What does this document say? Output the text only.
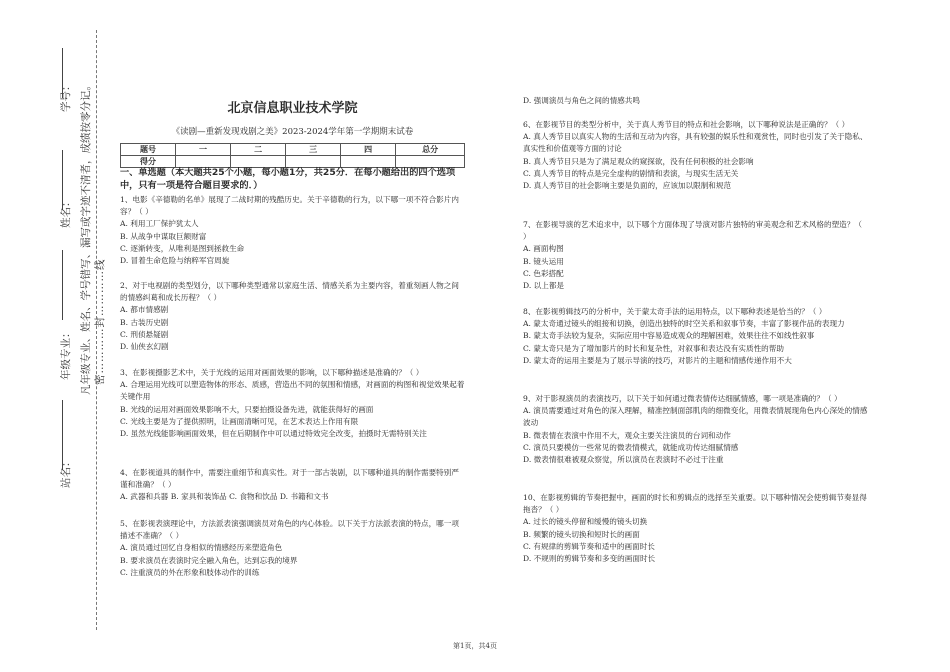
学号：
姓名：
年级专业：
站名：
凡年级专业、姓名、学号错写、漏写或字迹不清者，成绩按零分记。 密…………封…………线
北京信息职业技术学院
《读剧—重新发现戏剧之美》2023-2024学年第一学期期末试卷
题号	一	二	三	四	总分
得分					
一、单选题（本大题共25个小题，每小题1分，共25分．在每小题给出的四个选项中，只有一项是符合题目要求的．）

1、电影《辛德勒的名单》展现了二战时期的残酷历史。关于辛德勒的行为，以下哪一项不符合影片内容？（ ）

A. 利用工厂保护犹太人

B. 从战争中谋取巨额财富

C. 逐渐转变，从唯利是图到拯救生命

D. 冒着生命危险与纳粹军官周旋

2、对于电视剧的类型划分，以下哪种类型通常以家庭生活、情感关系为主要内容，着重刻画人物之间的情感纠葛和成长历程？（ ）

A. 都市情感剧

B. 古装历史剧

C. 刑侦悬疑剧

D. 仙侠玄幻剧

3、在影视摄影艺术中，关于光线的运用对画面效果的影响，以下哪种描述是准确的？（ ）

A. 合理运用光线可以塑造物体的形态、质感，营造出不同的氛围和情感，对画面的构图和视觉效果起着关键作用

B. 光线的运用对画面效果影响不大，只要拍摄设备先进，就能获得好的画面

C. 光线主要是为了提供照明，让画面清晰可见，在艺术表达上作用有限

D. 虽然光线能影响画面效果，但在后期制作中可以通过特效完全改变，拍摄时无需特别关注

4、在影视道具的制作中，需要注重细节和真实性。对于一部古装剧，以下哪种道具的制作需要特别严谨和准确？（ ）

A. 武器和兵器 B. 家具和装饰品 C. 食物和饮品 D. 书籍和文书

5、在影视表演理论中，方法派表演强调演员对角色的内心体验。以下关于方法派表演的特点，哪一项描述不准确？（ ）

A. 演员通过回忆自身相似的情感经历来塑造角色

B. 要求演员在表演时完全融入角色，达到忘我的境界

C. 注重演员的外在形象和肢体动作的训练

D. 强调演员与角色之间的情感共鸣

6、在影视节目的类型分析中，关于真人秀节目的特点和社会影响，以下哪种说法是正确的？（ ）

A. 真人秀节目以真实人物的生活和互动为内容，具有较强的娱乐性和观赏性，同时也引发了关于隐私、真实性和价值观等方面的讨论

B. 真人秀节目只是为了满足观众的窥探欲，没有任何积极的社会影响

C. 真人秀节目的特点是完全虚构的剧情和表演，与现实生活无关

D. 真人秀节目的社会影响主要是负面的，应该加以限制和规范

7、在影视导演的艺术追求中，以下哪个方面体现了导演对影片独特的审美观念和艺术风格的塑造？（ ）

A. 画面构图

B. 镜头运用

C. 色彩搭配

D. 以上都是

8、在影视剪辑技巧的分析中，关于蒙太奇手法的运用特点，以下哪种表述是恰当的？（ ）

A. 蒙太奇通过镜头的组接和切换，创造出独特的时空关系和叙事节奏，丰富了影视作品的表现力

B. 蒙太奇手法较为复杂，实际应用中容易造成观众的理解困难，效果往往不如线性叙事

C. 蒙太奇只是为了增加影片的时长和复杂性，对叙事和表达没有实质性的帮助

D. 蒙太奇的运用主要是为了展示导演的技巧，对影片的主题和情感传递作用不大

9、对于影视演员的表演技巧，以下关于如何通过微表情传达细腻情感，哪一项是准确的？（ ）

A. 演员需要通过对角色的深入理解，精准控制面部肌肉的细微变化，用微表情展现角色内心深处的情感波动

B. 微表情在表演中作用不大，观众主要关注演员的台词和动作

C. 演员只要模仿一些常见的微表情模式，就能成功传达细腻情感

D. 微表情很难被观众察觉，所以演员在表演时不必过于注重

10、在影视剪辑的节奏把握中，画面的时长和剪辑点的选择至关重要。以下哪种情况会使剪辑节奏显得拖沓？（ ）

A. 过长的镜头停留和缓慢的镜头切换

B. 频繁的镜头切换和短时长的画面

C. 有规律的剪辑节奏和适中的画面时长

D. 不规则的剪辑节奏和多变的画面时长

第1页，共4页
